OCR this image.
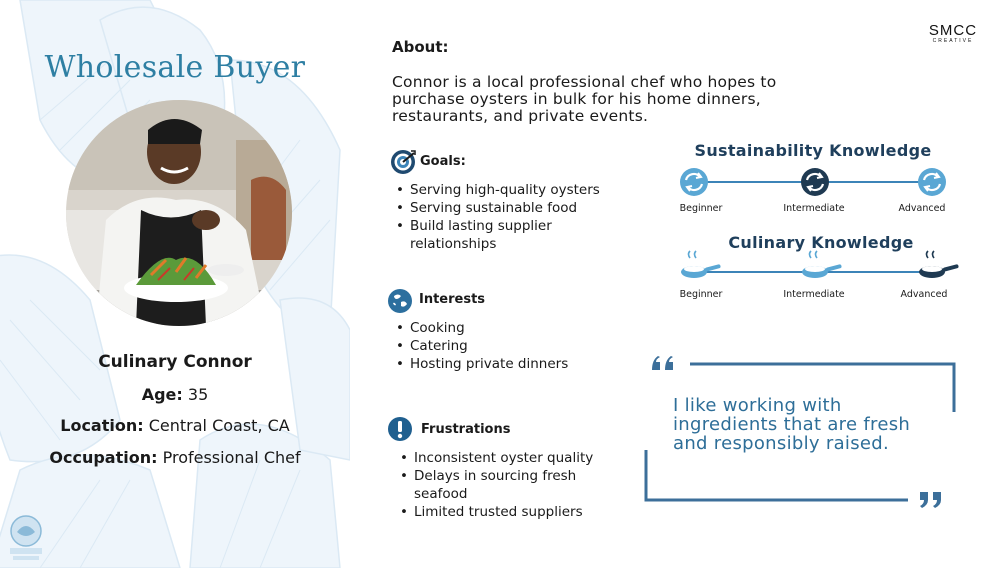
Wholesale Buyer
Culinary Connor
Age: 35
Location: Central Coast, CA
Occupation: Professional Chef
SMCC
CREATIVE
About:
Connor is a local professional chef who hopes to purchase oysters in bulk for his home dinners, restaurants, and private events.
Goals:
• Serving high-quality oysters
• Serving sustainable food
• Build lasting supplier relationships
Interests
• Cooking
• Catering
• Hosting private dinners
Frustrations
• Inconsistent oyster quality
• Delays in sourcing fresh seafood
• Limited trusted suppliers
Sustainability Knowledge
Beginner	Intermediate	Advanced
Culinary Knowledge
Beginner	Intermediate	Advanced
I like working with ingredients that are fresh and responsibly raised.
